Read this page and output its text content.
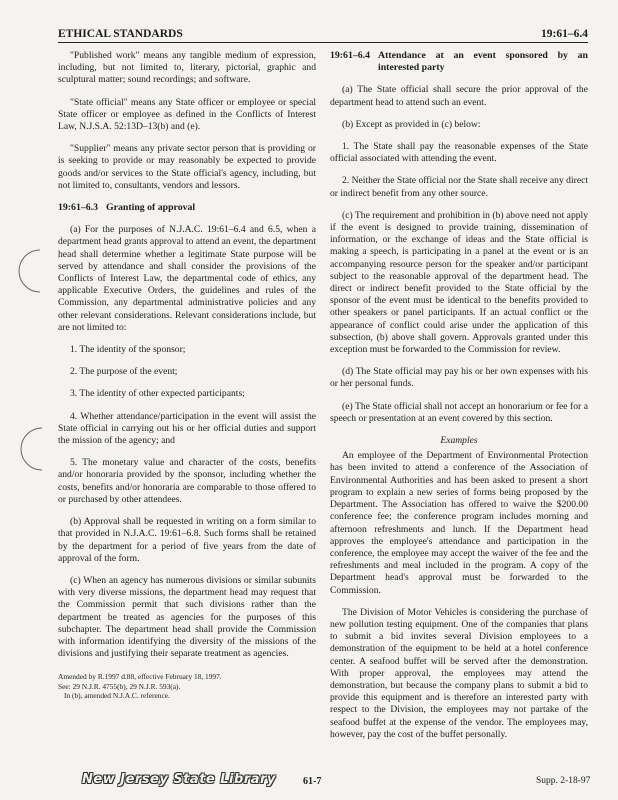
ETHICAL STANDARDS	19:61–6.4

"Published work" means any tangible medium of expression, including, but not limited to, literary, pictorial, graphic and sculptural matter; sound recordings; and software.

"State official" means any State officer or employee or special State officer or employee as defined in the Conflicts of Interest Law, N.J.S.A. 52:13D–13(b) and (e).

"Supplier" means any private sector person that is providing or is seeking to provide or may reasonably be expected to provide goods and/or services to the State official's agency, including, but not limited to, consultants, vendors and lessors.

19:61–6.3 Granting of approval

(a) For the purposes of N.J.A.C. 19:61–6.4 and 6.5, when a department head grants approval to attend an event, the department head shall determine whether a legitimate State purpose will be served by attendance and shall consider the provisions of the Conflicts of Interest Law, the departmental code of ethics, any applicable Executive Orders, the guidelines and rules of the Commission, any departmental administrative policies and any other relevant considerations. Relevant considerations include, but are not limited to:

1. The identity of the sponsor;

2. The purpose of the event;

3. The identity of other expected participants;

4. Whether attendance/participation in the event will assist the State official in carrying out his or her official duties and support the mission of the agency; and

5. The monetary value and character of the costs, benefits and/or honoraria provided by the sponsor, including whether the costs, benefits and/or honoraria are comparable to those offered to or purchased by other attendees.

(b) Approval shall be requested in writing on a form similar to that provided in N.J.A.C. 19:61–6.8. Such forms shall be retained by the department for a period of five years from the date of approval of the form.

(c) When an agency has numerous divisions or similar subunits with very diverse missions, the department head may request that the Commission permit that such divisions rather than the department be treated as agencies for the purposes of this subchapter. The department head shall provide the Commission with information identifying the diversity of the missions of the divisions and justifying their separate treatment as agencies.

Amended by R.1997 d.88, effective February 18, 1997.
See: 29 N.J.R. 4755(b), 29 N.J.R. 593(a).
In (b), amended N.J.A.C. reference.
19:61–6.4 Attendance at an event sponsored by an interested party

(a) The State official shall secure the prior approval of the department head to attend such an event.

(b) Except as provided in (c) below:

1. The State shall pay the reasonable expenses of the State official associated with attending the event.

2. Neither the State official nor the State shall receive any direct or indirect benefit from any other source.

(c) The requirement and prohibition in (b) above need not apply if the event is designed to provide training, dissemination of information, or the exchange of ideas and the State official is making a speech, is participating in a panel at the event or is an accompanying resource person for the speaker and/or participant subject to the reasonable approval of the department head. The direct or indirect benefit provided to the State official by the sponsor of the event must be identical to the benefits provided to other speakers or panel participants. If an actual conflict or the appearance of conflict could arise under the application of this subsection, (b) above shall govern. Approvals granted under this exception must be forwarded to the Commission for review.

(d) The State official may pay his or her own expenses with his or her personal funds.

(e) The State official shall not accept an honorarium or fee for a speech or presentation at an event covered by this section.

Examples

An employee of the Department of Environmental Protection has been invited to attend a conference of the Association of Environmental Authorities and has been asked to present a short program to explain a new series of forms being proposed by the Department. The Association has offered to waive the $200.00 conference fee; the conference program includes morning and afternoon refreshments and lunch. If the Department head approves the employee's attendance and participation in the conference, the employee may accept the waiver of the fee and the refreshments and meal included in the program. A copy of the Department head's approval must be forwarded to the Commission.

The Division of Motor Vehicles is considering the purchase of new pollution testing equipment. One of the companies that plans to submit a bid invites several Division employees to a demonstration of the equipment to be held at a hotel conference center. A seafood buffet will be served after the demonstration. With proper approval, the employees may attend the demonstration, but because the company plans to submit a bid to provide this equipment and is therefore an interested party with respect to the Division, the employees may not partake of the seafood buffet at the expense of the vendor. The employees may, however, pay the cost of the buffet personally.

New Jersey State Library	61-7	Supp. 2-18-97
